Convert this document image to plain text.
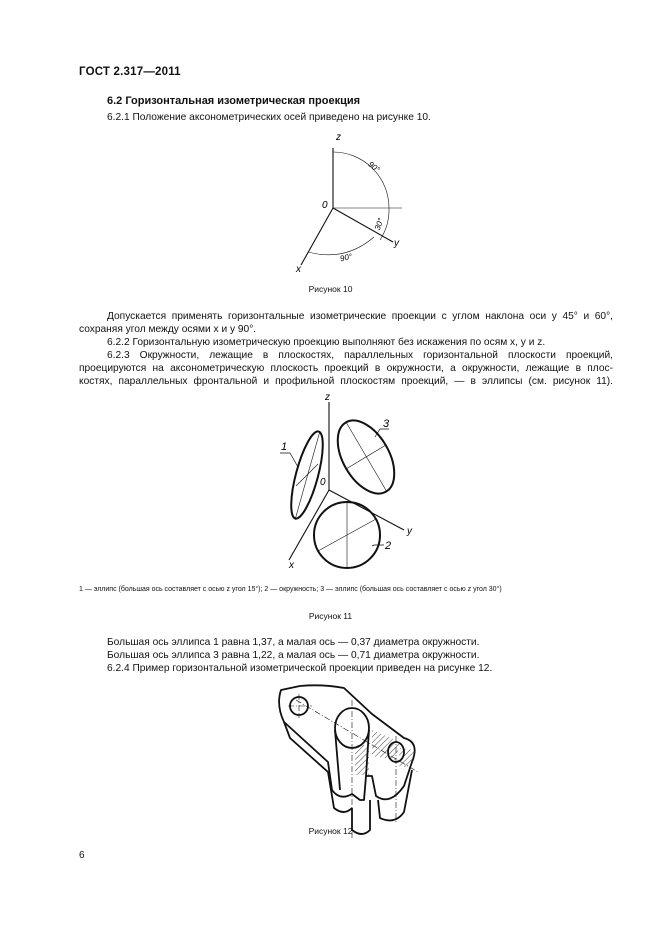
ГОСТ 2.317—2011
6.2 Горизонтальная изометрическая проекция
6.2.1 Положение аксонометрических осей приведено на рисунке 10.
z
0
x
y
90°
30°
90°
Рисунок 10
Допускается применять горизонтальные изометрические проекции с углом наклона оси y 45° и 60°,
сохраняя угол между осями x и y 90°.
6.2.2 Горизонтальную изометрическую проекцию выполняют без искажения по осям x, y и z.
6.2.3 Окружности, лежащие в плоскостях, параллельных горизонтальной плоскости проекций,
проецируются на аксонометрическую плоскость проекций в окружности, а окружности, лежащие в плос-
костях, параллельных фронтальной и профильной плоскостям проекций, — в эллипсы (см. рисунок 11).
z
0
x
y
1
3
2
1 — эллипс (большая ось составляет с осью z угол 15°); 2 — окружность; 3 — эллипс (большая ось составляет с осью z угол 30°)
Рисунок 11
Большая ось эллипса 1 равна 1,37, а малая ось — 0,37 диаметра окружности.
Большая ось эллипса 3 равна 1,22, а малая ось — 0,71 диаметра окружности.
6.2.4 Пример горизонтальной изометрической проекции приведен на рисунке 12.
Рисунок 12
6
